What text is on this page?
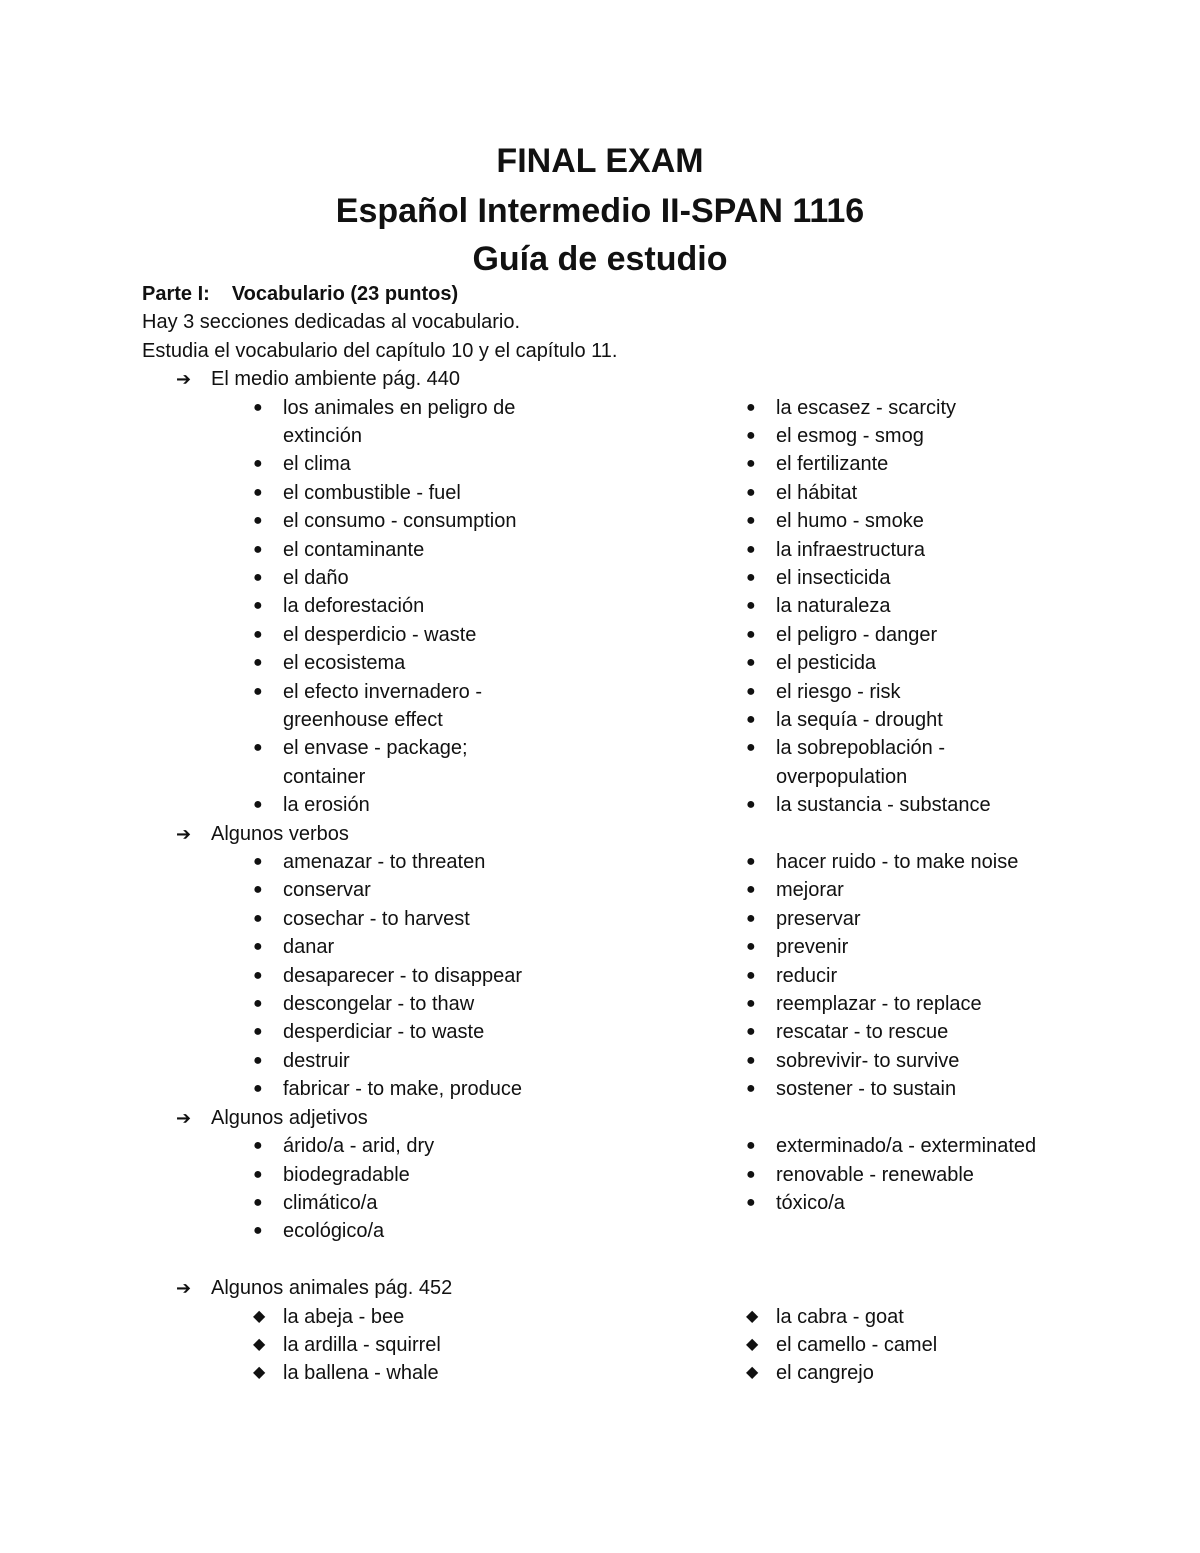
FINAL EXAM
Español Intermedio II-SPAN 1116
Guía de estudio
Parte I: Vocabulario (23 puntos)
Hay 3 secciones dedicadas al vocabulario.
Estudia el vocabulario del capítulo 10 y el capítulo 11.
➔ El medio ambiente pág. 440
● los animales en peligro de extinción
● el clima
● el combustible - fuel
● el consumo - consumption
● el contaminante
● el daño
● la deforestación
● el desperdicio - waste
● el ecosistema
● el efecto invernadero - greenhouse effect
● el envase - package; container
● la erosión
● la escasez - scarcity
● el esmog - smog
● el fertilizante
● el hábitat
● el humo - smoke
● la infraestructura
● el insecticida
● la naturaleza
● el peligro - danger
● el pesticida
● el riesgo - risk
● la sequía - drought
● la sobrepoblación - overpopulation
● la sustancia - substance
➔ Algunos verbos
● amenazar - to threaten
● conservar
● cosechar - to harvest
● danar
● desaparecer - to disappear
● descongelar - to thaw
● desperdiciar - to waste
● destruir
● fabricar - to make, produce
● hacer ruido - to make noise
● mejorar
● preservar
● prevenir
● reducir
● reemplazar - to replace
● rescatar - to rescue
● sobrevivir- to survive
● sostener - to sustain
➔ Algunos adjetivos
● árido/a - arid, dry
● biodegradable
● climático/a
● ecológico/a
● exterminado/a - exterminated
● renovable - renewable
● tóxico/a
➔ Algunos animales pág. 452
◆ la abeja - bee
◆ la ardilla - squirrel
◆ la ballena - whale
◆ la cabra - goat
◆ el camello - camel
◆ el cangrejo
